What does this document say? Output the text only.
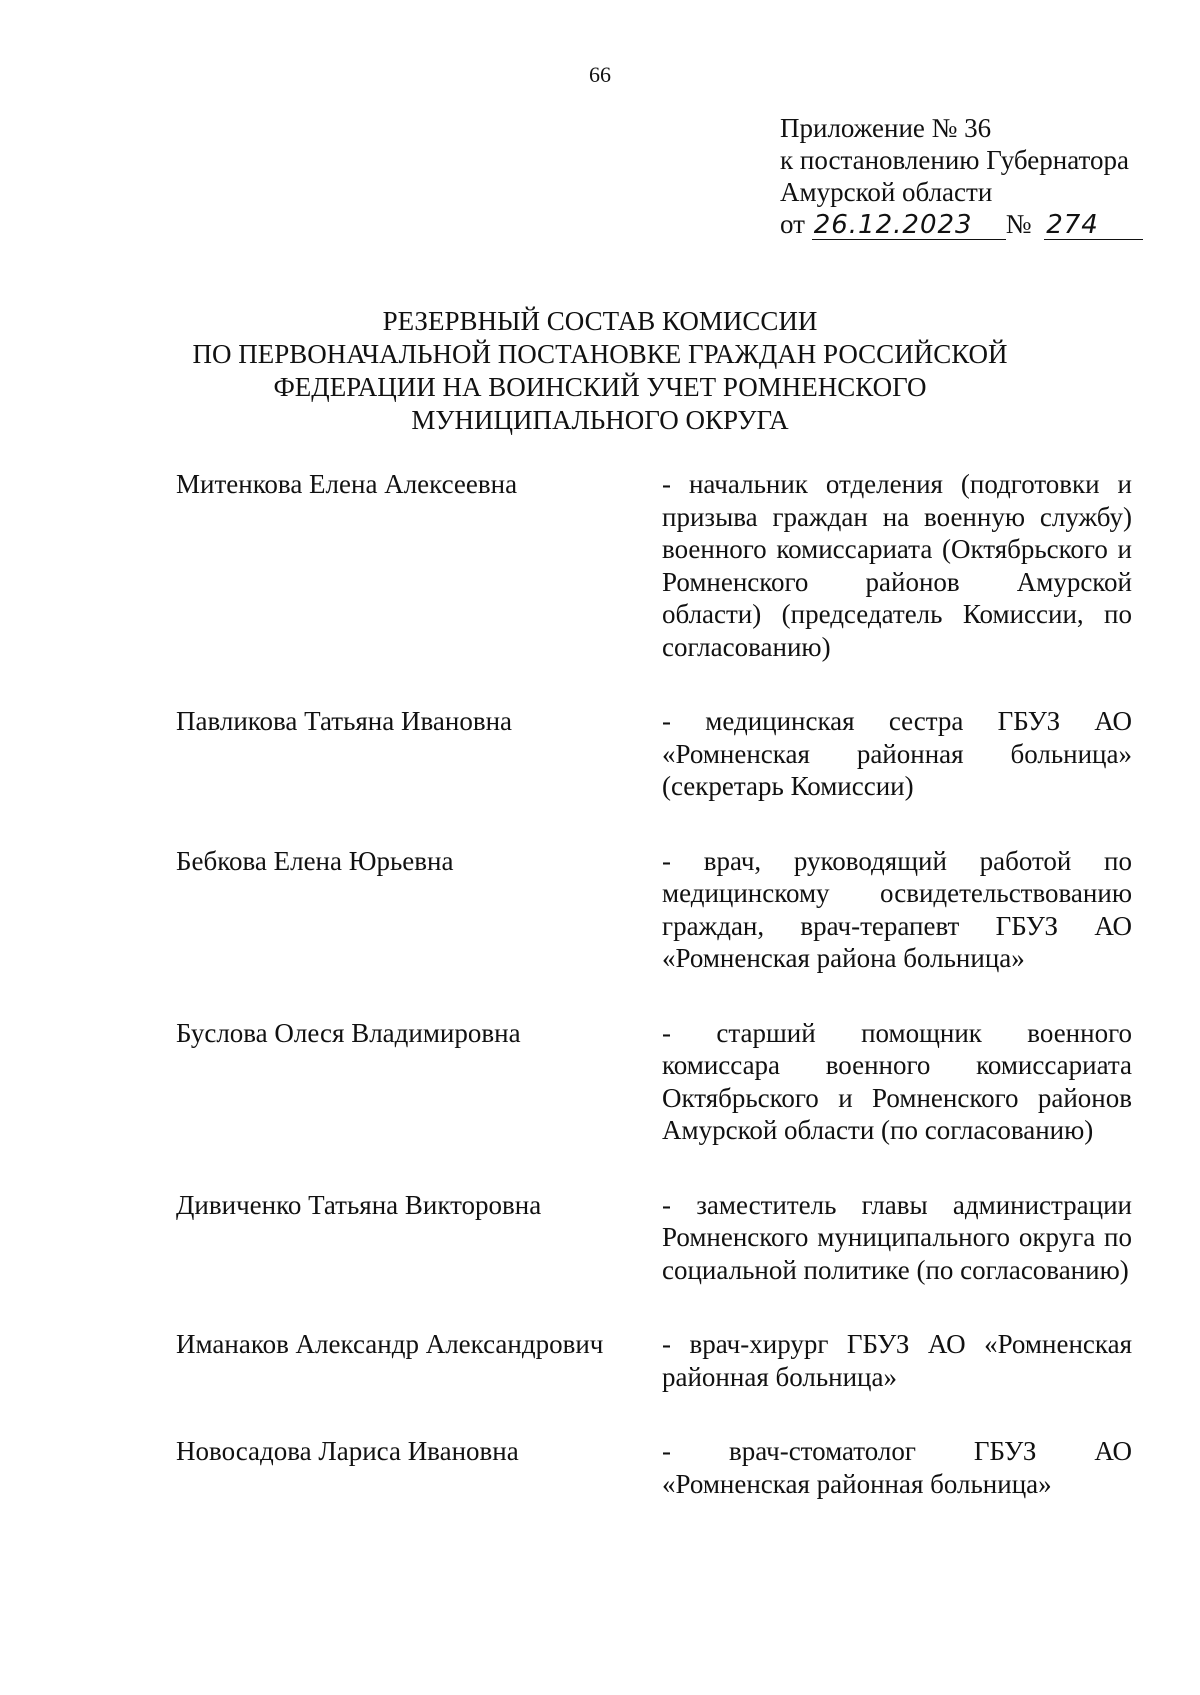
66
Приложение № 36
к постановлению Губернатора
Амурской области
от 26.12.2023 № 274
РЕЗЕРВНЫЙ СОСТАВ КОМИССИИ
ПО ПЕРВОНАЧАЛЬНОЙ ПОСТАНОВКЕ ГРАЖДАН РОССИЙСКОЙ
ФЕДЕРАЦИИ НА ВОИНСКИЙ УЧЕТ РОМНЕНСКОГО
МУНИЦИПАЛЬНОГО ОКРУГА
Митенкова Елена Алексеевна	- начальник отделения (подготовки и призыва граждан на военную службу) военного комиссариата (Октябрьского и Ромненского районов Амурской области) (председатель Комиссии, по согласованию)
Павликова Татьяна Ивановна	- медицинская сестра ГБУЗ АО «Ромненская районная больница» (секретарь Комиссии)
Бебкова Елена Юрьевна	- врач, руководящий работой по медицинскому освидетельствованию граждан, врач-терапевт ГБУЗ АО «Ромненская района больница»
Буслова Олеся Владимировна	- старший помощник военного комиссара военного комиссариата Октябрьского и Ромненского районов Амурской области (по согласованию)
Дивиченко Татьяна Викторовна	- заместитель главы администрации Ромненского муниципального округа по социальной политике (по согласованию)
Иманаков Александр Александрович	- врач-хирург ГБУЗ АО «Ромненская районная больница»
Новосадова Лариса Ивановна	- врач-стоматолог ГБУЗ АО «Ромненская районная больница»
